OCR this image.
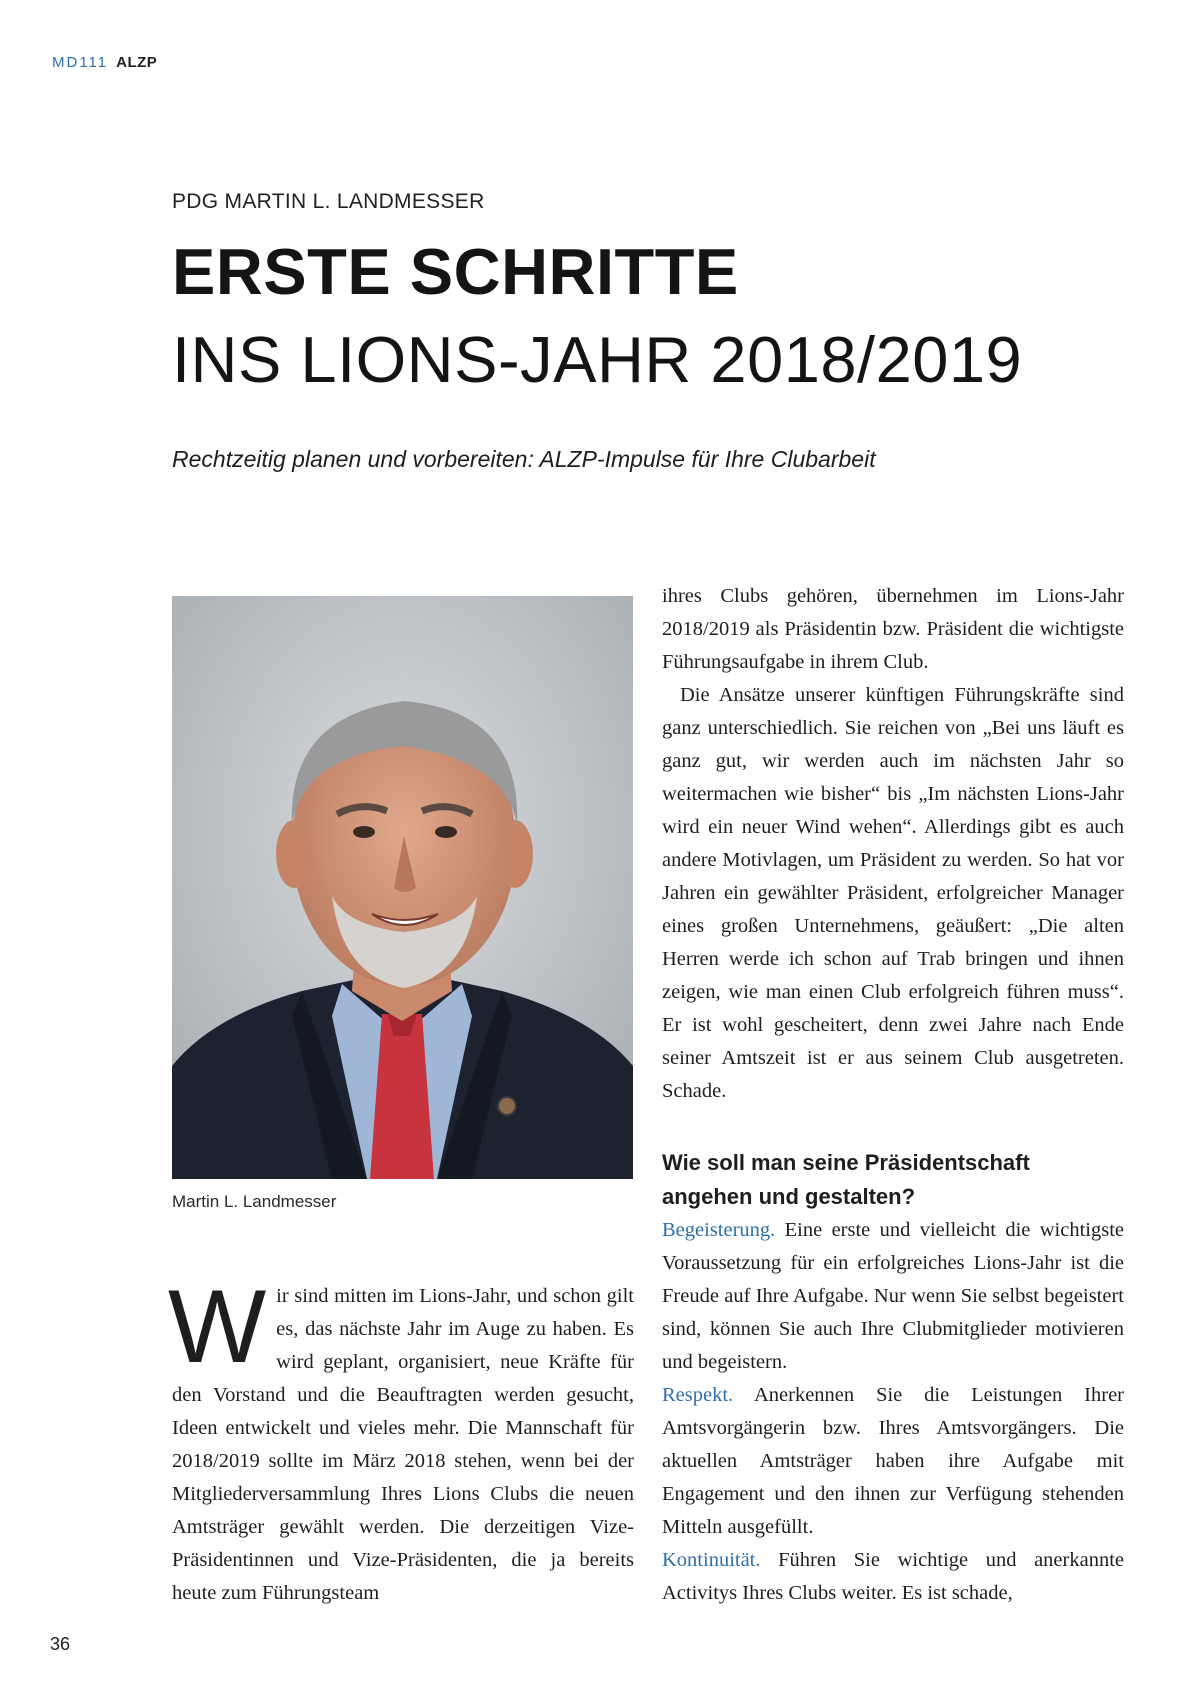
MD111 ALZP
PDG MARTIN L. LANDMESSER
ERSTE SCHRITTE
INS LIONS-JAHR 2018/2019
Rechtzeitig planen und vorbereiten: ALZP-Impulse für Ihre Clubarbeit
Martin L. Landmesser
Wir sind mitten im Lions-Jahr, und schon gilt es, das nächste Jahr im Auge zu haben. Es wird geplant, organisiert, neue Kräfte für den Vorstand und die Beauftragten werden gesucht, Ideen entwickelt und vieles mehr. Die Mannschaft für 2018/2019 sollte im März 2018 stehen, wenn bei der Mitgliederversammlung Ihres Lions Clubs die neuen Amtsträger gewählt werden. Die derzeitigen Vize-Präsidentinnen und Vize-Präsidenten, die ja bereits heute zum Führungsteam

ihres Clubs gehören, übernehmen im Lions-Jahr 2018/2019 als Präsidentin bzw. Präsident die wichtigste Führungsaufgabe in ihrem Club.

Die Ansätze unserer künftigen Führungskräfte sind ganz unterschiedlich. Sie reichen von „Bei uns läuft es ganz gut, wir werden auch im nächsten Jahr so weitermachen wie bisher“ bis „Im nächsten Lions-Jahr wird ein neuer Wind wehen“. Allerdings gibt es auch andere Motivlagen, um Präsident zu werden. So hat vor Jahren ein gewählter Präsident, erfolgreicher Manager eines großen Unternehmens, geäußert: „Die alten Herren werde ich schon auf Trab bringen und ihnen zeigen, wie man einen Club erfolgreich führen muss“. Er ist wohl gescheitert, denn zwei Jahre nach Ende seiner Amtszeit ist er aus seinem Club ausgetreten. Schade.

Wie soll man seine Präsidentschaft angehen und gestalten?

Begeisterung. Eine erste und vielleicht die wichtigste Voraussetzung für ein erfolgreiches Lions-Jahr ist die Freude auf Ihre Aufgabe. Nur wenn Sie selbst begeistert sind, können Sie auch Ihre Clubmitglieder motivieren und begeistern.

Respekt. Anerkennen Sie die Leistungen Ihrer Amtsvorgängerin bzw. Ihres Amtsvorgängers. Die aktuellen Amtsträger haben ihre Aufgabe mit Engagement und den ihnen zur Verfügung stehenden Mitteln ausgefüllt.

Kontinuität. Führen Sie wichtige und anerkannte Activitys Ihres Clubs weiter. Es ist schade,

36
